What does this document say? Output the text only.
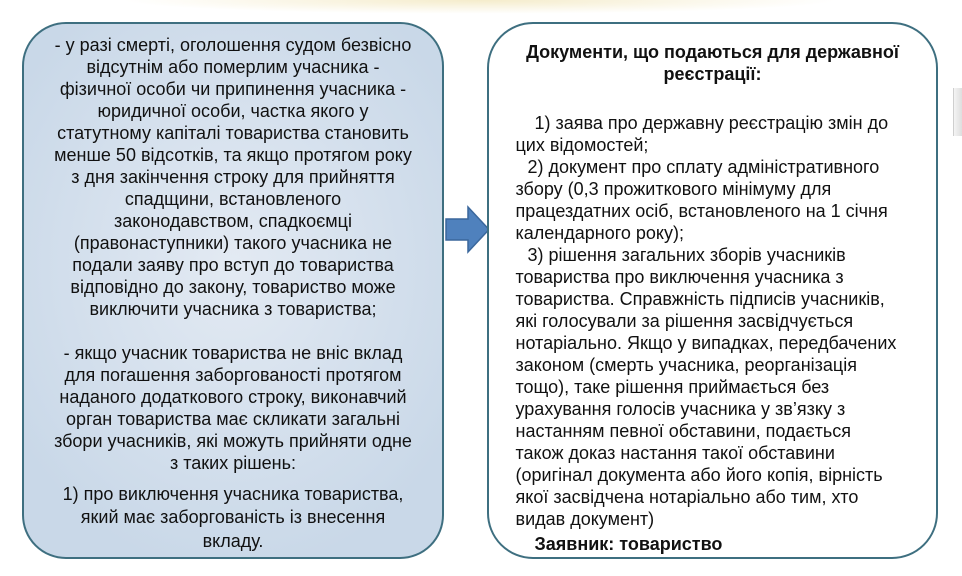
- у разі смерті, оголошення судом безвісно
відсутнім або померлим учасника -
фізичної особи чи припинення учасника -
юридичної особи, частка якого у
статутному капіталі товариства становить
менше 50 відсотків, та якщо протягом року
з дня закінчення строку для прийняття
спадщини, встановленого
законодавством, спадкоємці
(правонаступники) такого учасника не
подали заяву про вступ до товариства
відповідно до закону, товариство може
виключити учасника з товариства;
- якщо учасник товариства не вніс вклад
для погашення заборгованості протягом
наданого додаткового строку, виконавчий
орган товариства має скликати загальні
збори учасників, які можуть прийняти одне
з таких рішень:
1) про виключення учасника товариства,
який має заборгованість із внесення
вкладу.
Документи, що подаються для державної
реєстрації:
1) заява про державну реєстрацію змін до
цих відомостей;
2) документ про сплату адміністративного
збору (0,3 прожиткового мінімуму для
працездатних осіб, встановленого на 1 січня
календарного року);
3) рішення загальних зборів учасників
товариства про виключення учасника з
товариства. Справжність підписів учасників,
які голосували за рішення засвідчується
нотаріально. Якщо у випадках, передбачених
законом (смерть учасника, реорганізація
тощо), таке рішення приймається без
урахування голосів учасника у зв’язку з
настанням певної обставини, подається
також доказ настання такої обставини
(оригінал документа або його копія, вірність
якої засвідчена нотаріально або тим, хто
видав документ)
Заявник: товариство
